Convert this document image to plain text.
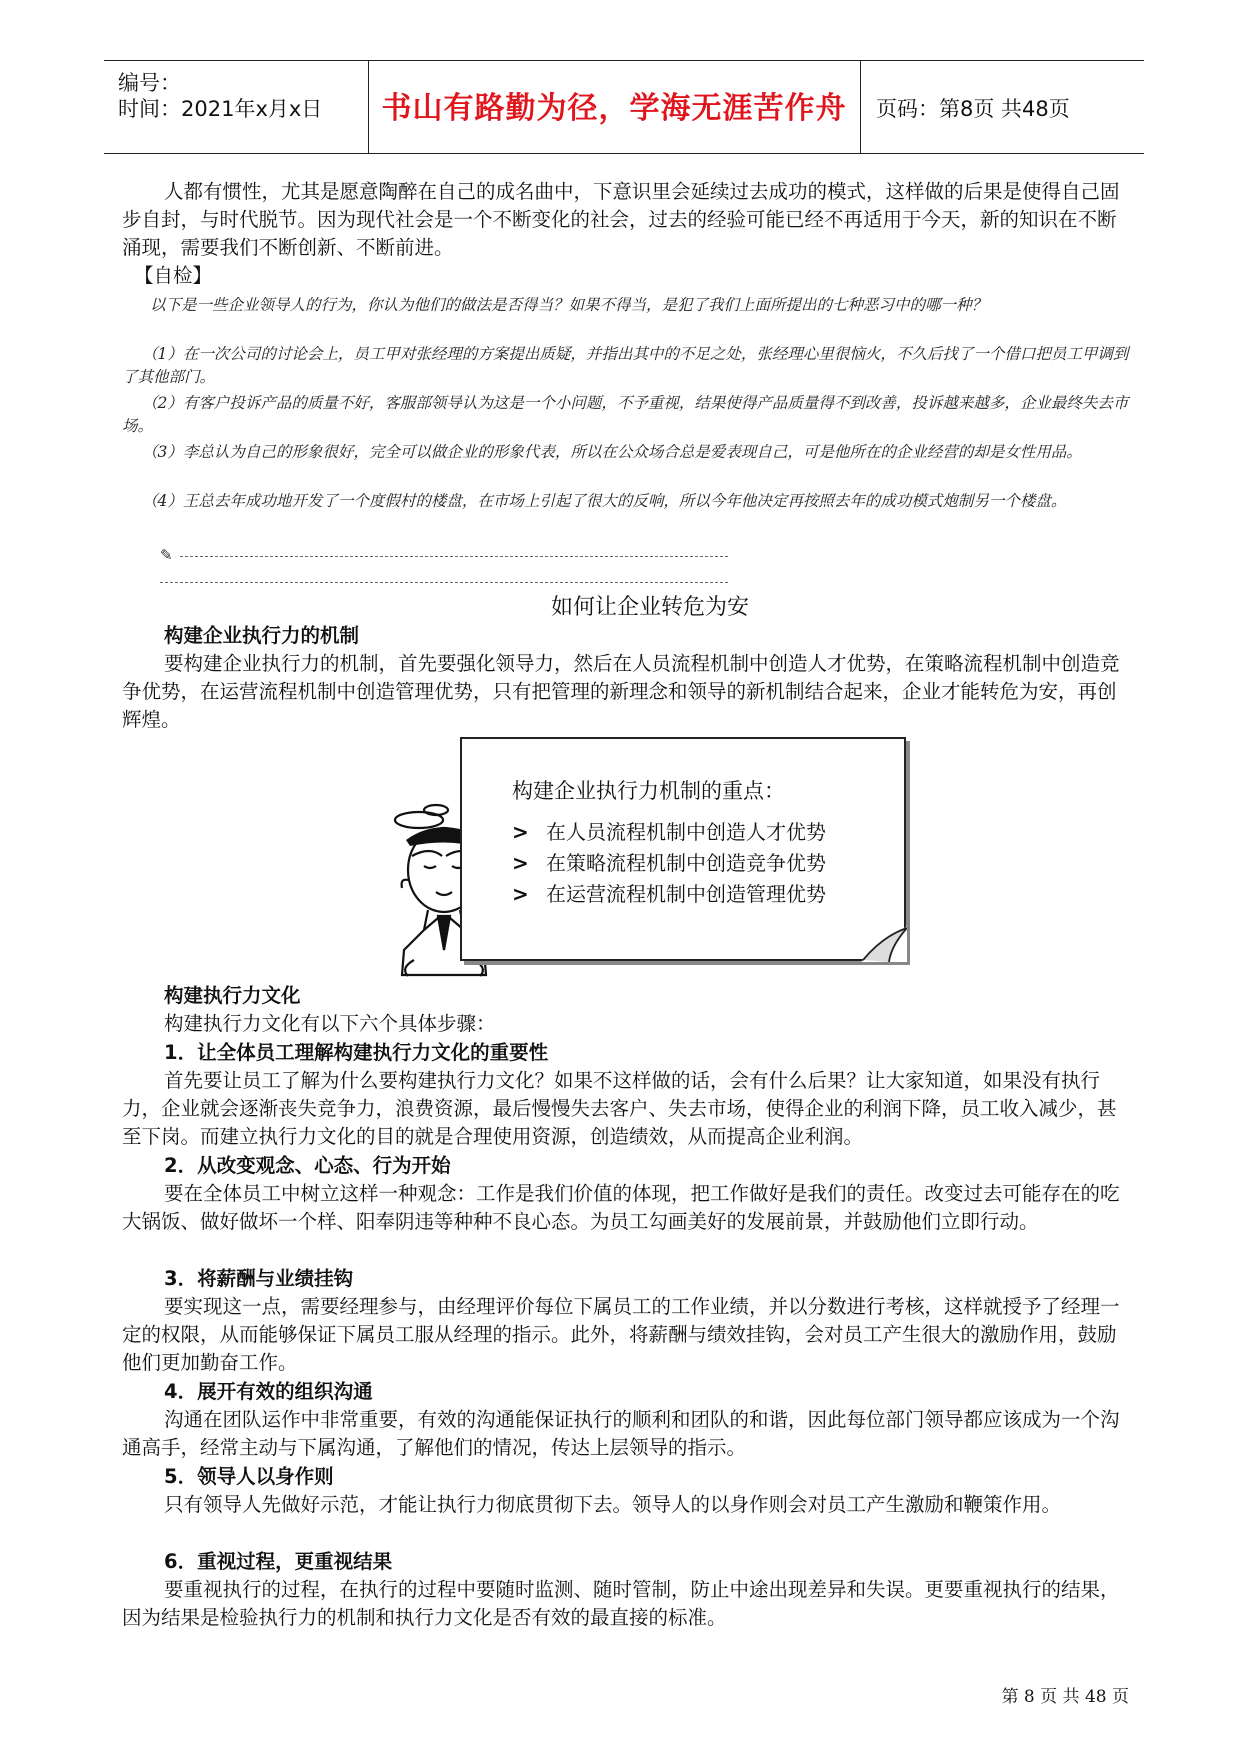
编号：
时间：2021年x月x日	书山有路勤为径，学海无涯苦作舟	页码：第8页 共48页
人都有惯性，尤其是愿意陶醉在自己的成名曲中，下意识里会延续过去成功的模式，这样做的后果是使得自己固步自封，与时代脱节。因为现代社会是一个不断变化的社会，过去的经验可能已经不再适用于今天，新的知识在不断涌现，需要我们不断创新、不断前进。
【自检】
以下是一些企业领导人的行为，你认为他们的做法是否得当？如果不得当，是犯了我们上面所提出的七种恶习中的哪一种？
（1）在一次公司的讨论会上，员工甲对张经理的方案提出质疑，并指出其中的不足之处，张经理心里很恼火，不久后找了一个借口把员工甲调到了其他部门。
（2）有客户投诉产品的质量不好，客服部领导认为这是一个小问题，不予重视，结果使得产品质量得不到改善，投诉越来越多，企业最终失去市场。
（3）李总认为自己的形象很好，完全可以做企业的形象代表，所以在公众场合总是爱表现自己，可是他所在的企业经营的却是女性用品。
（4）王总去年成功地开发了一个度假村的楼盘，在市场上引起了很大的反响，所以今年他决定再按照去年的成功模式炮制另一个楼盘。
✎
如何让企业转危为安
构建企业执行力的机制
要构建企业执行力的机制，首先要强化领导力，然后在人员流程机制中创造人才优势，在策略流程机制中创造竞争优势，在运营流程机制中创造管理优势，只有把管理的新理念和领导的新机制结合起来，企业才能转危为安，再创辉煌。
构建企业执行力机制的重点：
> 在人员流程机制中创造人才优势
> 在策略流程机制中创造竞争优势
> 在运营流程机制中创造管理优势
构建执行力文化
构建执行力文化有以下六个具体步骤：
1．让全体员工理解构建执行力文化的重要性
首先要让员工了解为什么要构建执行力文化？如果不这样做的话，会有什么后果？让大家知道，如果没有执行力，企业就会逐渐丧失竞争力，浪费资源，最后慢慢失去客户、失去市场，使得企业的利润下降，员工收入减少，甚至下岗。而建立执行力文化的目的就是合理使用资源，创造绩效，从而提高企业利润。
2．从改变观念、心态、行为开始
要在全体员工中树立这样一种观念：工作是我们价值的体现，把工作做好是我们的责任。改变过去可能存在的吃大锅饭、做好做坏一个样、阳奉阴违等种种不良心态。为员工勾画美好的发展前景，并鼓励他们立即行动。
3．将薪酬与业绩挂钩
要实现这一点，需要经理参与，由经理评价每位下属员工的工作业绩，并以分数进行考核，这样就授予了经理一定的权限，从而能够保证下属员工服从经理的指示。此外，将薪酬与绩效挂钩，会对员工产生很大的激励作用，鼓励他们更加勤奋工作。
4．展开有效的组织沟通
沟通在团队运作中非常重要，有效的沟通能保证执行的顺利和团队的和谐，因此每位部门领导都应该成为一个沟通高手，经常主动与下属沟通，了解他们的情况，传达上层领导的指示。
5．领导人以身作则
只有领导人先做好示范，才能让执行力彻底贯彻下去。领导人的以身作则会对员工产生激励和鞭策作用。
6．重视过程，更重视结果
要重视执行的过程，在执行的过程中要随时监测、随时管制，防止中途出现差异和失误。更要重视执行的结果，因为结果是检验执行力的机制和执行力文化是否有效的最直接的标准。
第 8 页 共 48 页
